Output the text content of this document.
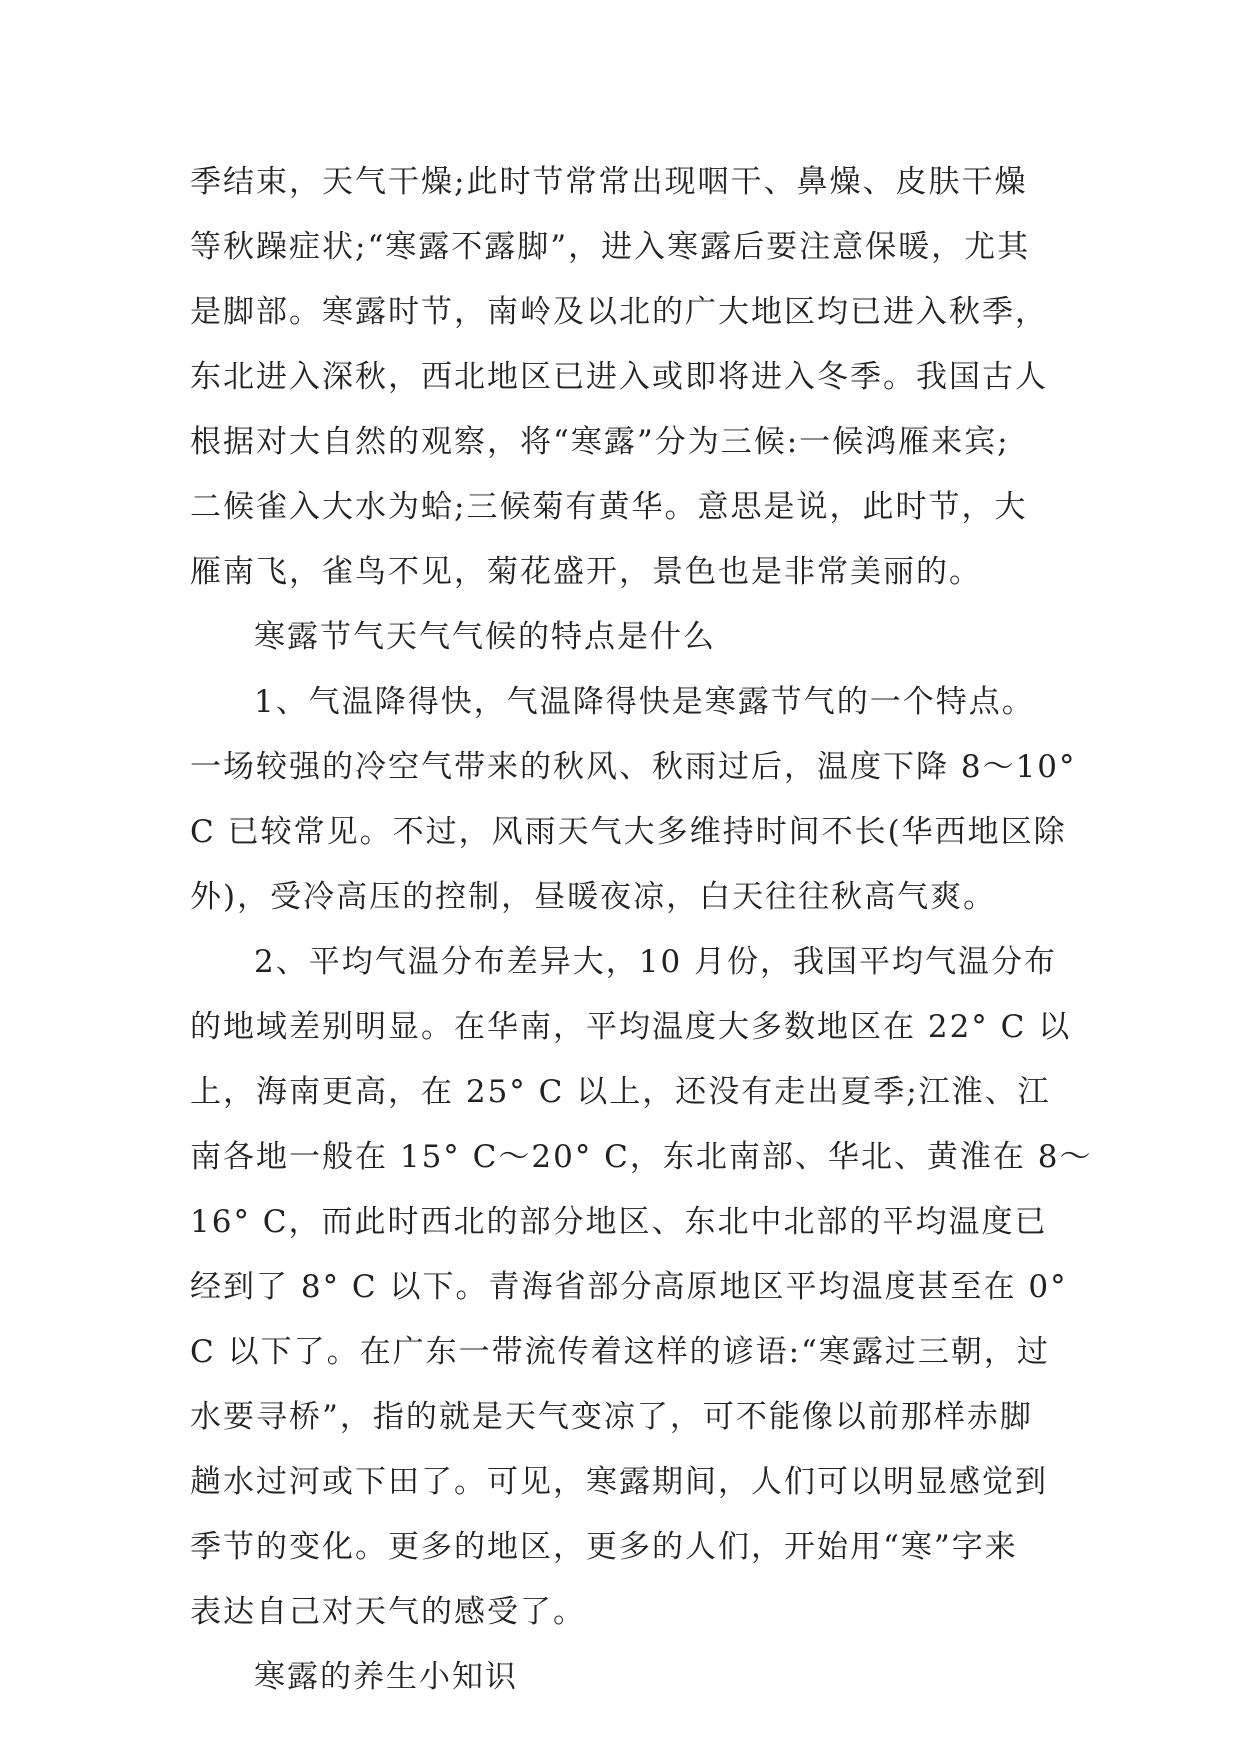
季结束，天气干燥;此时节常常出现咽干、鼻燥、皮肤干燥
等秋躁症状;“寒露不露脚”，进入寒露后要注意保暖，尤其
是脚部。寒露时节，南岭及以北的广大地区均已进入秋季，
东北进入深秋，西北地区已进入或即将进入冬季。我国古人
根据对大自然的观察，将“寒露”分为三候:一候鸿雁来宾;
二候雀入大水为蛤;三候菊有黄华。意思是说，此时节，大
雁南飞，雀鸟不见，菊花盛开，景色也是非常美丽的。
寒露节气天气气候的特点是什么
1、气温降得快，气温降得快是寒露节气的一个特点。
一场较强的冷空气带来的秋风、秋雨过后，温度下降 8～10°
C 已较常见。不过，风雨天气大多维持时间不长(华西地区除
外)，受冷高压的控制，昼暖夜凉，白天往往秋高气爽。
2、平均气温分布差异大，10 月份，我国平均气温分布
的地域差别明显。在华南，平均温度大多数地区在 22° C 以
上，海南更高，在 25° C 以上，还没有走出夏季;江淮、江
南各地一般在 15° C～20° C，东北南部、华北、黄淮在 8～
16° C，而此时西北的部分地区、东北中北部的平均温度已
经到了 8° C 以下。青海省部分高原地区平均温度甚至在 0°
C 以下了。在广东一带流传着这样的谚语:“寒露过三朝，过
水要寻桥”，指的就是天气变凉了，可不能像以前那样赤脚
趟水过河或下田了。可见，寒露期间，人们可以明显感觉到
季节的变化。更多的地区，更多的人们，开始用“寒”字来
表达自己对天气的感受了。
寒露的养生小知识
